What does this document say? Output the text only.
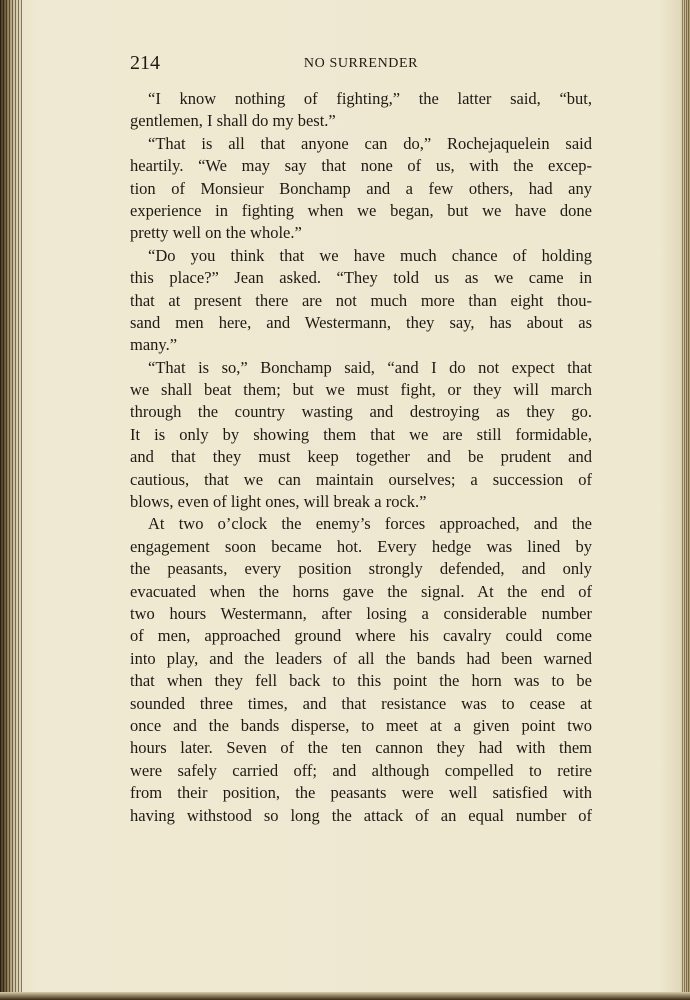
214	NO SURRENDER
“I know nothing of fighting,” the latter said, “but,
gentlemen, I shall do my best.”
“That is all that anyone can do,” Rochejaquelein said
heartily. “We may say that none of us, with the excep-
tion of Monsieur Bonchamp and a few others, had any
experience in fighting when we began, but we have done
pretty well on the whole.”
“Do you think that we have much chance of holding
this place?” Jean asked. “They told us as we came in
that at present there are not much more than eight thou-
sand men here, and Westermann, they say, has about as
many.”
“That is so,” Bonchamp said, “and I do not expect that
we shall beat them; but we must fight, or they will march
through the country wasting and destroying as they go.
It is only by showing them that we are still formidable,
and that they must keep together and be prudent and
cautious, that we can maintain ourselves; a succession of
blows, even of light ones, will break a rock.”
At two o’clock the enemy’s forces approached, and the
engagement soon became hot. Every hedge was lined by
the peasants, every position strongly defended, and only
evacuated when the horns gave the signal. At the end of
two hours Westermann, after losing a considerable number
of men, approached ground where his cavalry could come
into play, and the leaders of all the bands had been warned
that when they fell back to this point the horn was to be
sounded three times, and that resistance was to cease at
once and the bands disperse, to meet at a given point two
hours later. Seven of the ten cannon they had with them
were safely carried off; and although compelled to retire
from their position, the peasants were well satisfied with
having withstood so long the attack of an equal number of
